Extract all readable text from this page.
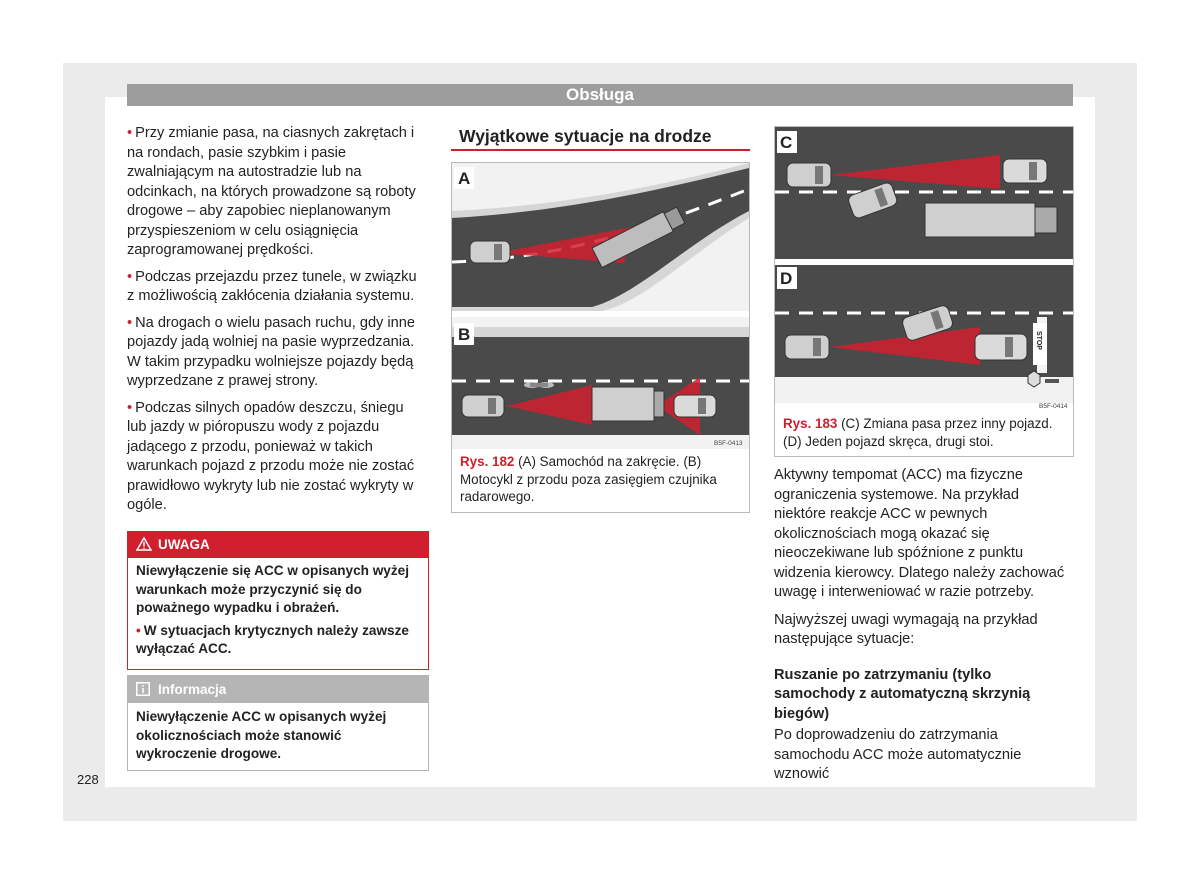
Obsługa

• Przy zmianie pasa, na ciasnych zakrętach i na rondach, pasie szybkim i pasie zwalniającym na autostradzie lub na odcinkach, na których prowadzone są roboty drogowe – aby zapobiec nieplanowanym przyspieszeniom w celu osiągnięcia zaprogramowanej prędkości.

• Podczas przejazdu przez tunele, w związku z możliwością zakłócenia działania systemu.

• Na drogach o wielu pasach ruchu, gdy inne pojazdy jadą wolniej na pasie wyprzedzania. W takim przypadku wolniejsze pojazdy będą wyprzedzane z prawej strony.

• Podczas silnych opadów deszczu, śniegu lub jazdy w pióropuszu wody z pojazdu jadącego z przodu, ponieważ w takich warunkach pojazd z przodu może nie zostać prawidłowo wykryty lub nie zostać wykryty w ogóle.

UWAGA

Niewyłączenie się ACC w opisanych wyżej warunkach może przyczynić się do poważnego wypadku i obrażeń.

• W sytuacjach krytycznych należy zawsze wyłączać ACC.

Informacja
Niewyłączenie ACC w opisanych wyżej okolicznościach może stanowić wykroczenie drogowe.
Wyjątkowe sytuacje na drodze
A
B
B5F-0413
Rys. 182 (A) Samochód na zakręcie. (B) Motocykl z przodu poza zasięgiem czujnika radarowego.
STOP
C
D
B5F-0414
Rys. 183 (C) Zmiana pasa przez inny pojazd. (D) Jeden pojazd skręca, drugi stoi.

Aktywny tempomat (ACC) ma fizyczne ograniczenia systemowe. Na przykład niektóre reakcje ACC w pewnych okolicznościach mogą okazać się nieoczekiwane lub spóźnione z punktu widzenia kierowcy. Dlatego należy zachować uwagę i interweniować w razie potrzeby.

Najwyższej uwagi wymagają na przykład następujące sytuacje:

Ruszanie po zatrzymaniu (tylko samochody z automatyczną skrzynią biegów)

Po doprowadzeniu do zatrzymania samochodu ACC może automatycznie wznowić

228
